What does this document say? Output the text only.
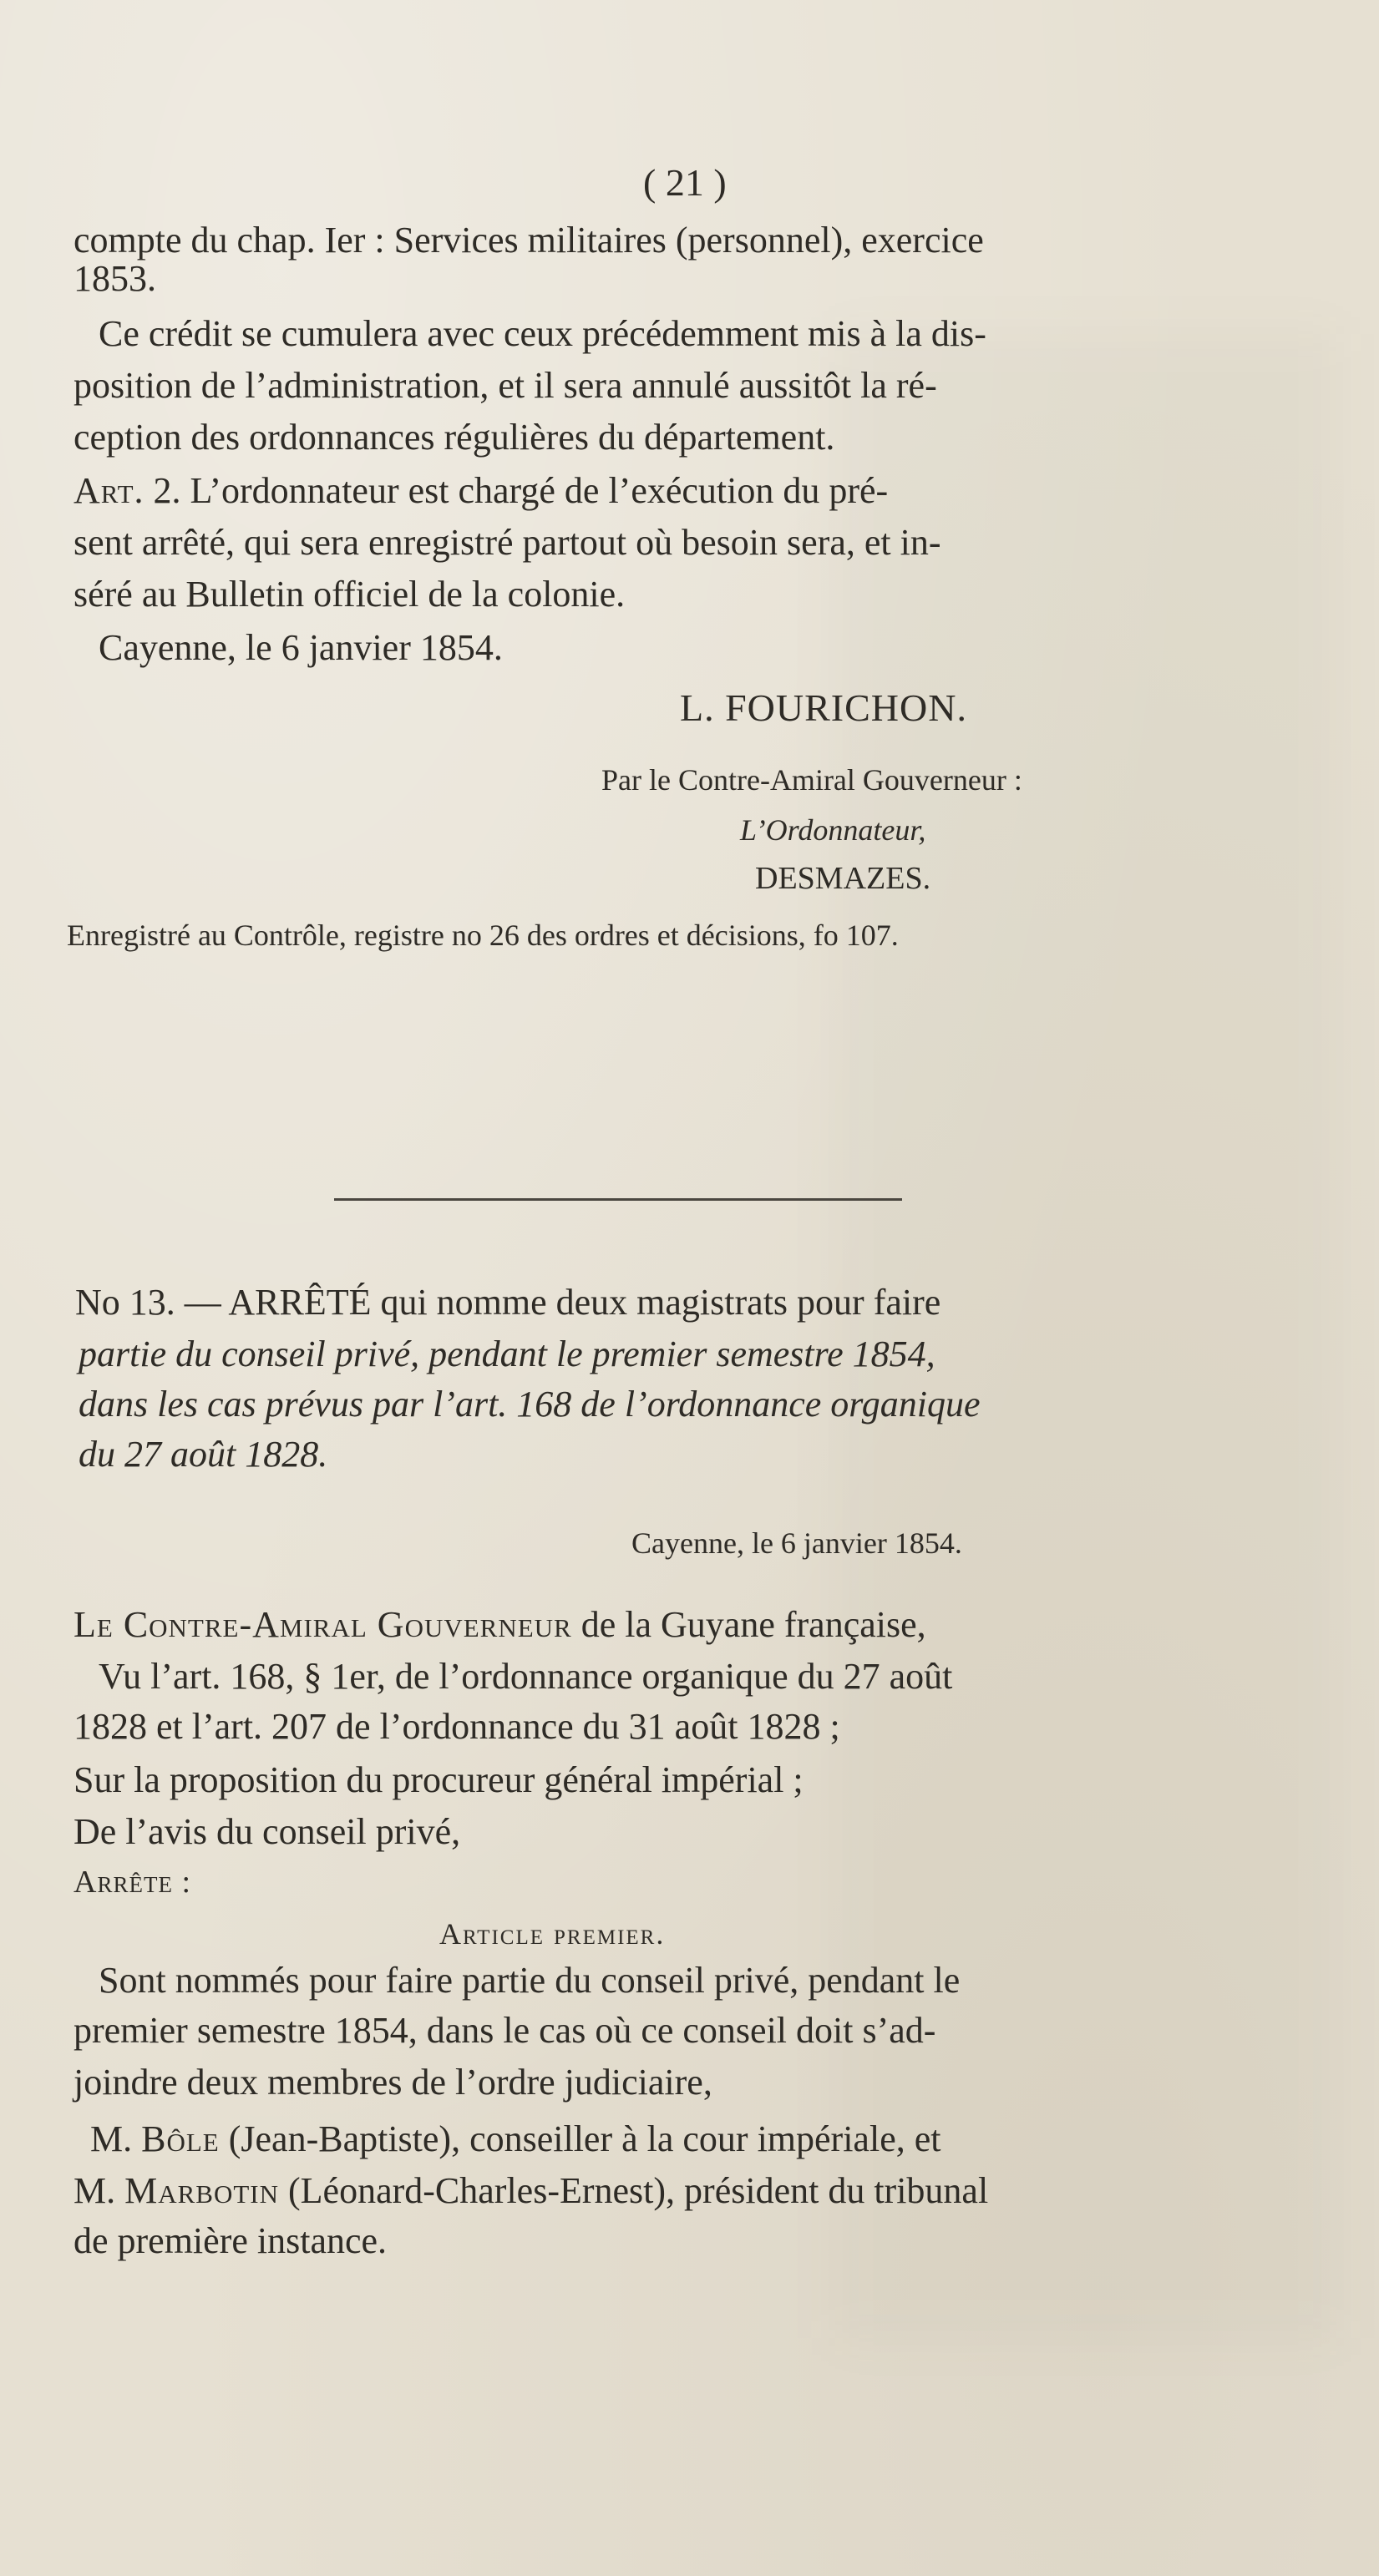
( 21 )
compte du chap. Ier : Services militaires (personnel), exercice
1853.
Ce crédit se cumulera avec ceux précédemment mis à la dis-
position de l’administration, et il sera annulé aussitôt la ré-
ception des ordonnances régulières du département.
Art. 2. L’ordonnateur est chargé de l’exécution du pré-
sent arrêté, qui sera enregistré partout où besoin sera, et in-
séré au Bulletin officiel de la colonie.
Cayenne, le 6 janvier 1854.
L. FOURICHON.
Par le Contre-Amiral Gouverneur :
L’Ordonnateur,
DESMAZES.
Enregistré au Contrôle, registre no 26 des ordres et décisions, fo 107.
No 13. — ARRÊTÉ qui nomme deux magistrats pour faire
partie du conseil privé, pendant le premier semestre 1854,
dans les cas prévus par l’art. 168 de l’ordonnance organique
du 27 août 1828.
Cayenne, le 6 janvier 1854.
Le Contre-Amiral Gouverneur de la Guyane française,
Vu l’art. 168, § 1er, de l’ordonnance organique du 27 août
1828 et l’art. 207 de l’ordonnance du 31 août 1828 ;
Sur la proposition du procureur général impérial ;
De l’avis du conseil privé,
Arrête :
Article premier.
Sont nommés pour faire partie du conseil privé, pendant le
premier semestre 1854, dans le cas où ce conseil doit s’ad-
joindre deux membres de l’ordre judiciaire,
M. Bôle (Jean-Baptiste), conseiller à la cour impériale, et
M. Marbotin (Léonard-Charles-Ernest), président du tribunal
de première instance.
